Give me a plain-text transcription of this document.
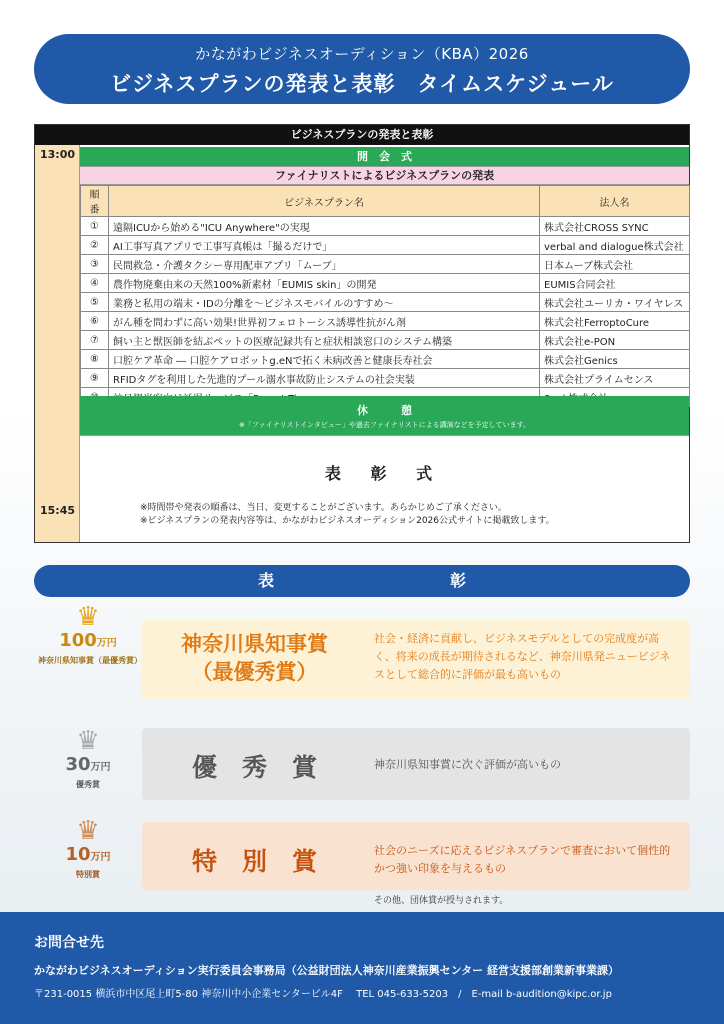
かながわビジネスオーディション（KBA）2026
ビジネスプランの発表と表彰　タイムスケジュール
ビジネスプランの発表と表彰
13:00
15:45
開　会　式
ファイナリストによるビジネスプランの発表
順番	ビジネスプラン名	法人名
①	遠隔ICUから始める"ICU Anywhere"の実現	株式会社CROSS SYNC
②	AI工事写真アプリで工事写真帳は「撮るだけで」	verbal and dialogue株式会社
③	民間救急・介護タクシー専用配車アプリ「ムーブ」	日本ムーブ株式会社
④	農作物廃棄由来の天然100%新素材「EUMIS skin」の開発	EUMIS合同会社
⑤	業務と私用の端末・IDの分離を～ビジネスモバイルのすすめ～	株式会社ユーリカ・ワイヤレス
⑥	がん種を問わずに高い効果!世界初フェロトーシス誘導性抗がん剤	株式会社FerroptoCure
⑦	飼い主と獣医師を結ぶペットの医療記録共有と症状相談窓口のシステム構築	株式会社e-PON
⑧	口腔ケア革命 ― 口腔ケアロボットg.eNで拓く未病改善と健康長寿社会	株式会社Genics
⑨	RFIDタグを利用した先進的プール溺水事故防止システムの社会実装	株式会社プライムセンス

休　　　憩
※「ファイナリストインタビュー」や過去ファイナリストによる講演などを予定しています。
表 彰 式
※時間帯や発表の順番は、当日、変更することがございます。あらかじめご了承ください。
※ビジネスプランの発表内容等は、かながわビジネスオーディション2026公式サイトに掲載致します。
表　彰
♛
100万円
神奈川県知事賞（最優秀賞）
神奈川県知事賞
（最優秀賞）
社会・経済に貢献し、ビジネスモデルとしての完成度が高く、将来の成長が期待されるなど、神奈川県発ニュービジネスとして総合的に評価が最も高いもの
♛
30万円
優秀賞
優　秀　賞	神奈川県知事賞に次ぐ評価が高いもの
♛
10万円
特別賞	特　別　賞	社会のニーズに応えるビジネスプランで審査において個性的かつ強い印象を与えるもの
その他、団体賞が授与されます。
お問合せ先
かながわビジネスオーディション実行委員会事務局（公益財団法人神奈川産業振興センター 経営支援部創業新事業課）
〒231-0015 横浜市中区尾上町5-80 神奈川中小企業センタービル4F　 TEL 045-633-5203　/　E-mail b-audition@kipc.or.jp
